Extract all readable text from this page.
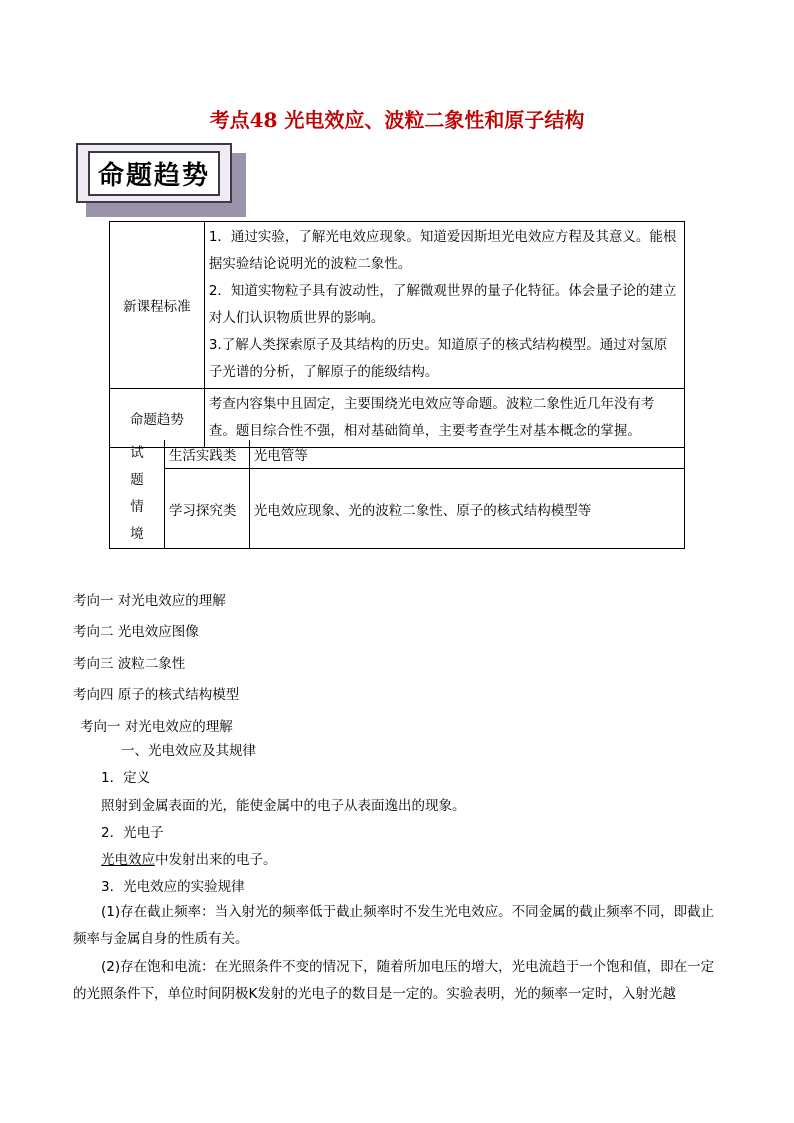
考点48 光电效应、波粒二象性和原子结构
命题趋势
新课程标准	1．通过实验，了解光电效应现象。知道爱因斯坦光电效应方程及其意义。能根据实验结论说明光的波粒二象性。
2．知道实物粒子具有波动性，了解微观世界的量子化特征。体会量子论的建立对人们认识物质世界的影响。
3.了解人类探索原子及其结构的历史。知道原子的核式结构模型。通过对氢原子光谱的分析，了解原子的能级结构。

命题趋势	考查内容集中且固定，主要围绕光电效应等命题。波粒二象性近几年没有考查。题目综合性不强，相对基础简单，主要考查学生对基本概念的掌握。
试
题
情
境	生活实践类	光电管等
	学习探究类	光电效应现象、光的波粒二象性、原子的核式结构模型等
考向一 对光电效应的理解
考向二 光电效应图像
考向三 波粒二象性
考向四 原子的核式结构模型
考向一 对光电效应的理解
一、光电效应及其规律
1．定义
照射到金属表面的光，能使金属中的电子从表面逸出的现象。
2．光电子
光电效应中发射出来的电子。
3．光电效应的实验规律
(1)存在截止频率：当入射光的频率低于截止频率时不发生光电效应。不同金属的截止频率不同，即截止频率与金属自身的性质有关。
(2)存在饱和电流：在光照条件不变的情况下，随着所加电压的增大，光电流趋于一个饱和值，即在一定的光照条件下，单位时间阴极K发射的光电子的数目是一定的。实验表明，光的频率一定时，入射光越
